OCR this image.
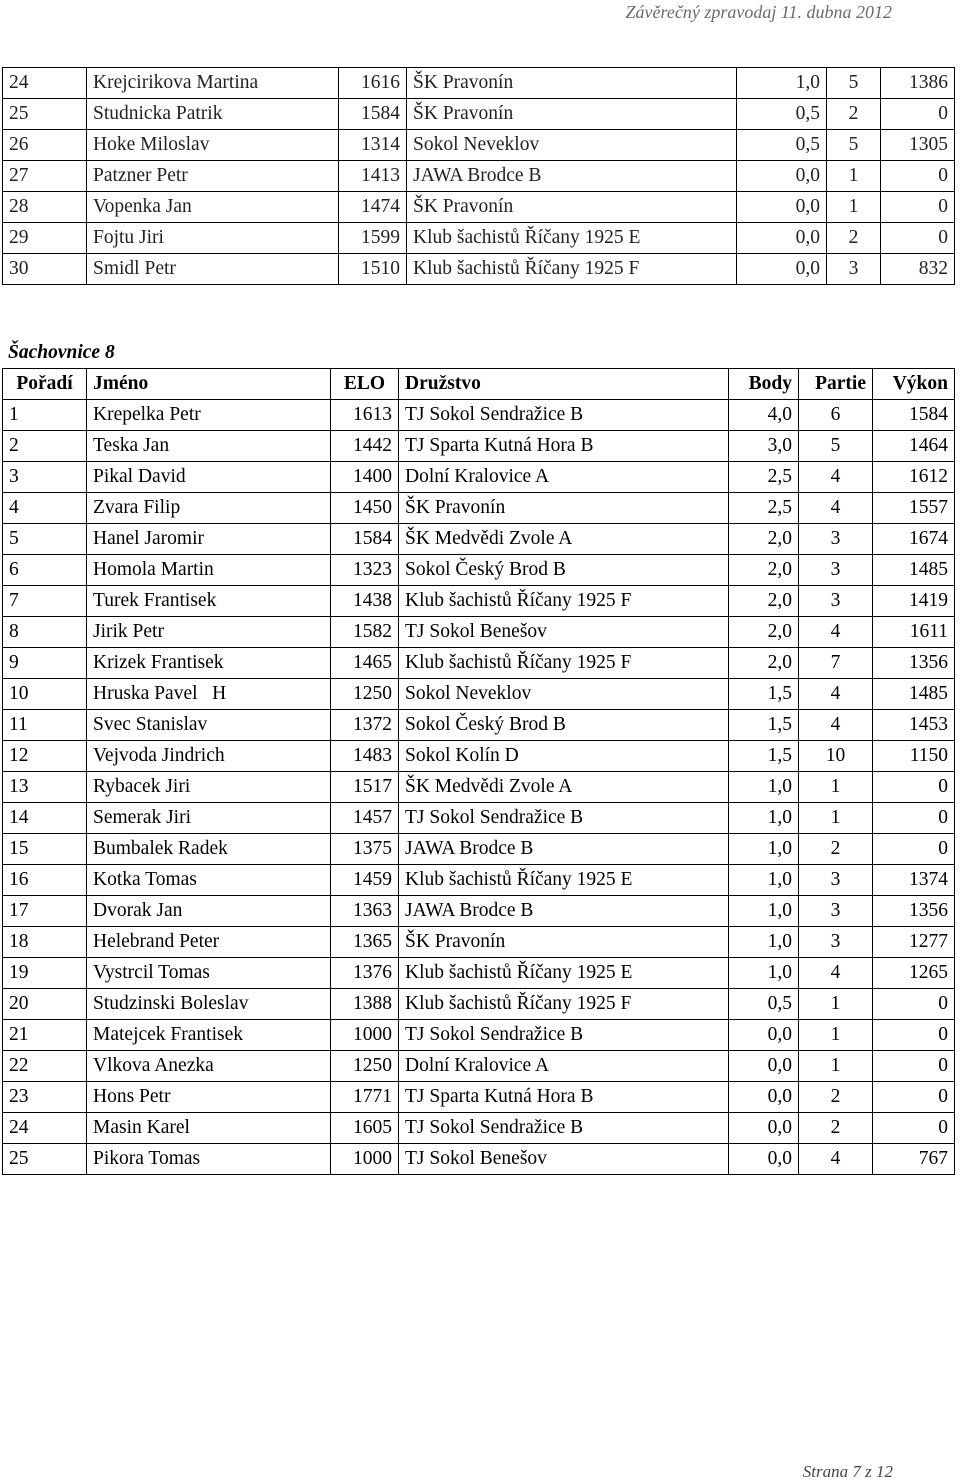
Závěrečný zpravodaj 11. dubna 2012
24	Krejcirikova Martina	1616	ŠK Pravonín	1,0	5	1386
25	Studnicka Patrik	1584	ŠK Pravonín	0,5	2	0
26	Hoke Miloslav	1314	Sokol Neveklov	0,5	5	1305
27	Patzner Petr	1413	JAWA Brodce B	0,0	1	0
28	Vopenka Jan	1474	ŠK Pravonín	0,0	1	0
29	Fojtu Jiri	1599	Klub šachistů Říčany 1925 E	0,0	2	0
30	Smidl Petr	1510	Klub šachistů Říčany 1925 F	0,0	3	832
Šachovnice 8
Pořadí	Jméno	ELO	Družstvo	Body	Partie	Výkon
1	Krepelka Petr	1613	TJ Sokol Sendražice B	4,0	6	1584
2	Teska Jan	1442	TJ Sparta Kutná Hora B	3,0	5	1464
3	Pikal David	1400	Dolní Kralovice A	2,5	4	1612
4	Zvara Filip	1450	ŠK Pravonín	2,5	4	1557
5	Hanel Jaromir	1584	ŠK Medvědi Zvole A	2,0	3	1674
6	Homola Martin	1323	Sokol Český Brod B	2,0	3	1485
7	Turek Frantisek	1438	Klub šachistů Říčany 1925 F	2,0	3	1419
8	Jirik Petr	1582	TJ Sokol Benešov	2,0	4	1611
9	Krizek Frantisek	1465	Klub šachistů Říčany 1925 F	2,0	7	1356
10	Hruska Pavel   H	1250	Sokol Neveklov	1,5	4	1485
11	Svec Stanislav	1372	Sokol Český Brod B	1,5	4	1453
12	Vejvoda Jindrich	1483	Sokol Kolín D	1,5	10	1150
13	Rybacek Jiri	1517	ŠK Medvědi Zvole A	1,0	1	0
14	Semerak Jiri	1457	TJ Sokol Sendražice B	1,0	1	0
15	Bumbalek Radek	1375	JAWA Brodce B	1,0	2	0
16	Kotka Tomas	1459	Klub šachistů Říčany 1925 E	1,0	3	1374
17	Dvorak Jan	1363	JAWA Brodce B	1,0	3	1356
18	Helebrand Peter	1365	ŠK Pravonín	1,0	3	1277
19	Vystrcil Tomas	1376	Klub šachistů Říčany 1925 E	1,0	4	1265
20	Studzinski Boleslav	1388	Klub šachistů Říčany 1925 F	0,5	1	0
21	Matejcek Frantisek	1000	TJ Sokol Sendražice B	0,0	1	0
22	Vlkova Anezka	1250	Dolní Kralovice A	0,0	1	0
23	Hons Petr	1771	TJ Sparta Kutná Hora B	0,0	2	0
24	Masin Karel	1605	TJ Sokol Sendražice B	0,0	2	0
25	Pikora Tomas	1000	TJ Sokol Benešov	0,0	4	767
Strana 7 z 12
